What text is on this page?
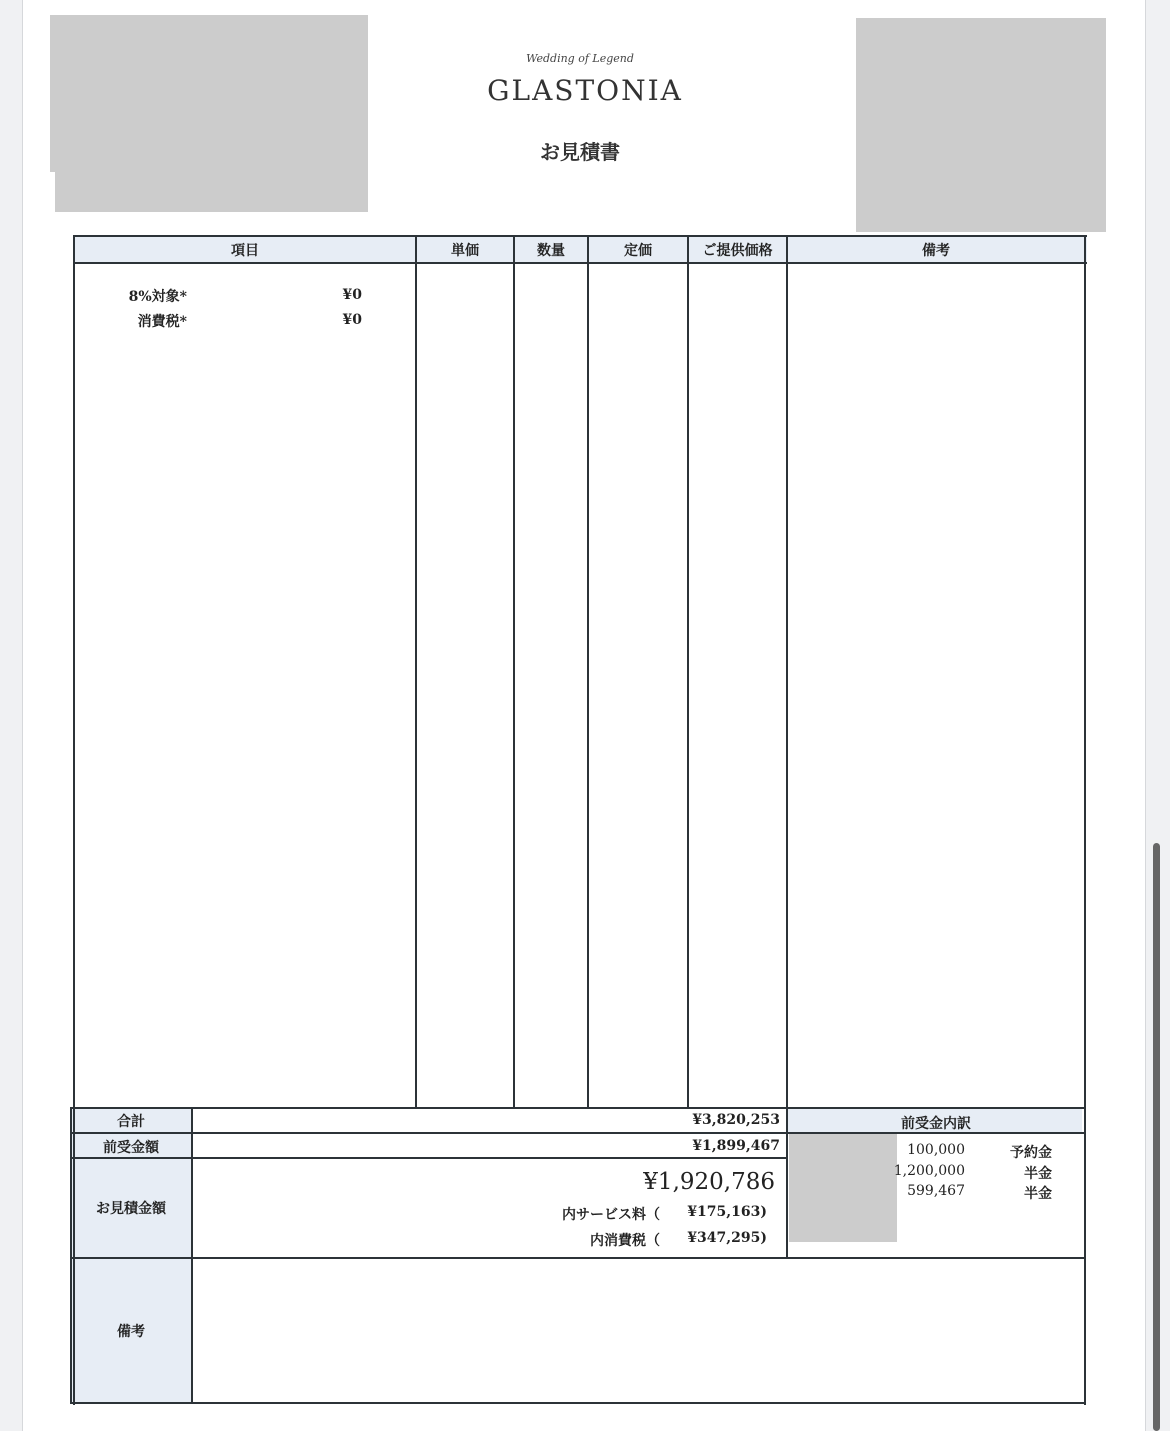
Wedding of Legend
GLASTONIA
お見積書
項目	単価	数量	定価	ご提供価格	備考
8%対象*	¥0
消費税*	¥0
合計	¥3,820,253
前受金額	¥1,899,467
お見積金額
¥1,920,786
内サービス料（	¥175,163)
内消費税（	¥347,295)
前受金内訳
100,000	予約金
1,200,000	半金
599,467	半金
備考
